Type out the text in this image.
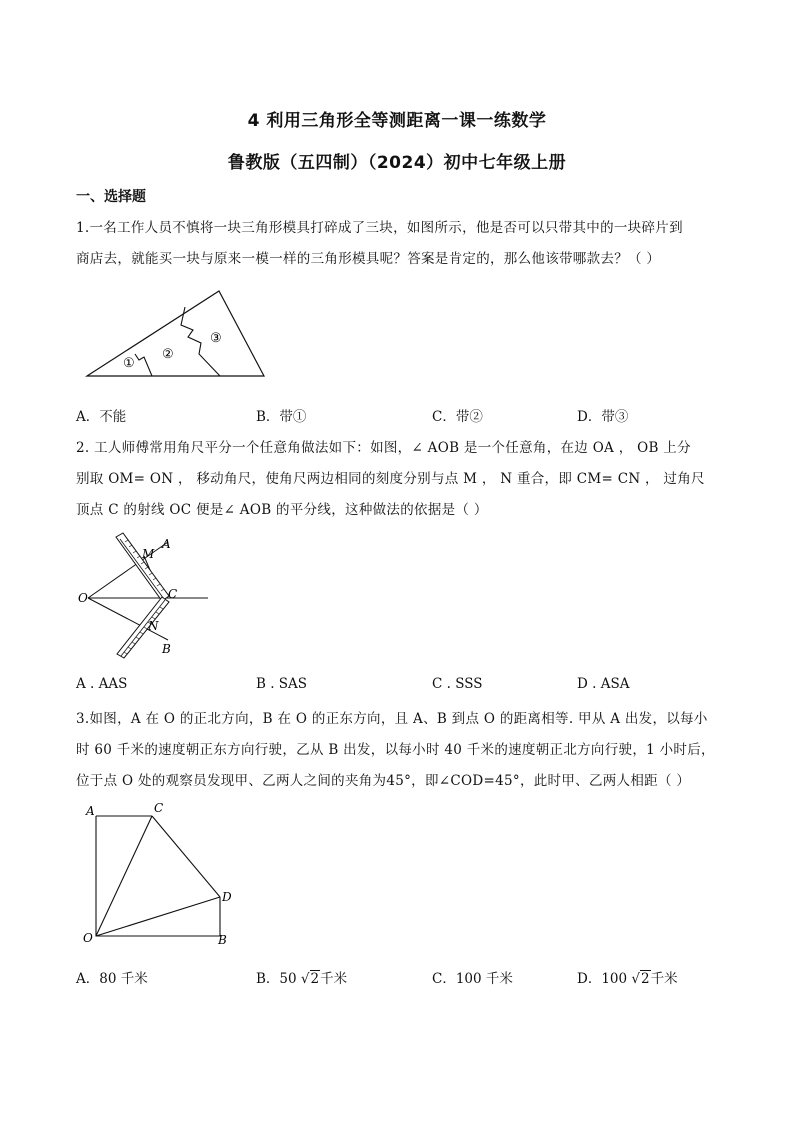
4 利用三角形全等测距离一课一练数学
鲁教版（五四制）（2024）初中七年级上册
一、选择题
1.一名工作人员不慎将一块三角形模具打碎成了三块，如图所示，他是否可以只带其中的一块碎片到
商店去，就能买一块与原来一模一样的三角形模具呢？答案是肯定的，那么他该带哪款去？（ ）
①
②
③
A．不能	B．带①	C．带②	D．带③
2. 工人师傅常用角尺平分一个任意角做法如下：如图，∠ AOB 是一个任意角，在边 OA ， OB 上分
别取 OM= ON ， 移动角尺，使角尺两边相同的刻度分别与点 M ， N 重合，即 CM= CN ， 过角尺
顶点 C 的射线 OC 便是∠ AOB 的平分线，这种做法的依据是（ ）
O
A
M
C
N
B
A . AAS	B . SAS	C . SSS	D . ASA
3.如图，A 在 O 的正北方向，B 在 O 的正东方向，且 A、B 到点 O 的距离相等. 甲从 A 出发，以每小
时 60 千米的速度朝正东方向行驶，乙从 B 出发，以每小时 40 千米的速度朝正北方向行驶，1 小时后，
位于点 O 处的观察员发现甲、乙两人之间的夹角为45°，即∠COD=45°，此时甲、乙两人相距（ ）
A	C
D
O	B
A．80 千米	B．50 √2千米	C．100 千米	D．100 √2千米
